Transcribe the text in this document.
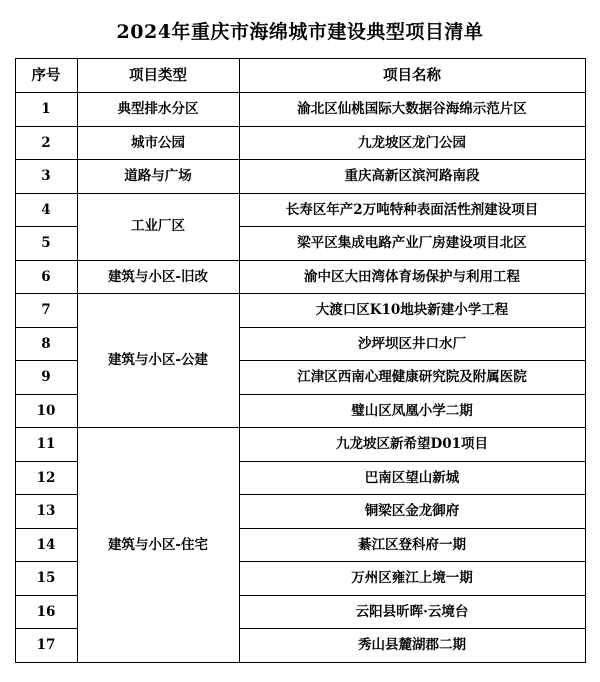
2024年重庆市海绵城市建设典型项目清单
序号	项目类型	项目名称
1	典型排水分区	渝北区仙桃国际大数据谷海绵示范片区
2	城市公园	九龙坡区龙门公园
3	道路与广场	重庆高新区滨河路南段
4	工业厂区	长寿区年产2万吨特种表面活性剂建设项目
5		梁平区集成电路产业厂房建设项目北区
6	建筑与小区-旧改	渝中区大田湾体育场保护与利用工程
7	建筑与小区-公建	大渡口区K10地块新建小学工程
8		沙坪坝区井口水厂
9		江津区西南心理健康研究院及附属医院
10		璧山区凤凰小学二期
11	建筑与小区-住宅	九龙坡区新希望D01项目
12		巴南区望山新城
13		铜梁区金龙御府
14		綦江区登科府一期
15		万州区雍江上境一期
16		云阳县昕晖·云境台
17		秀山县麓湖郡二期
